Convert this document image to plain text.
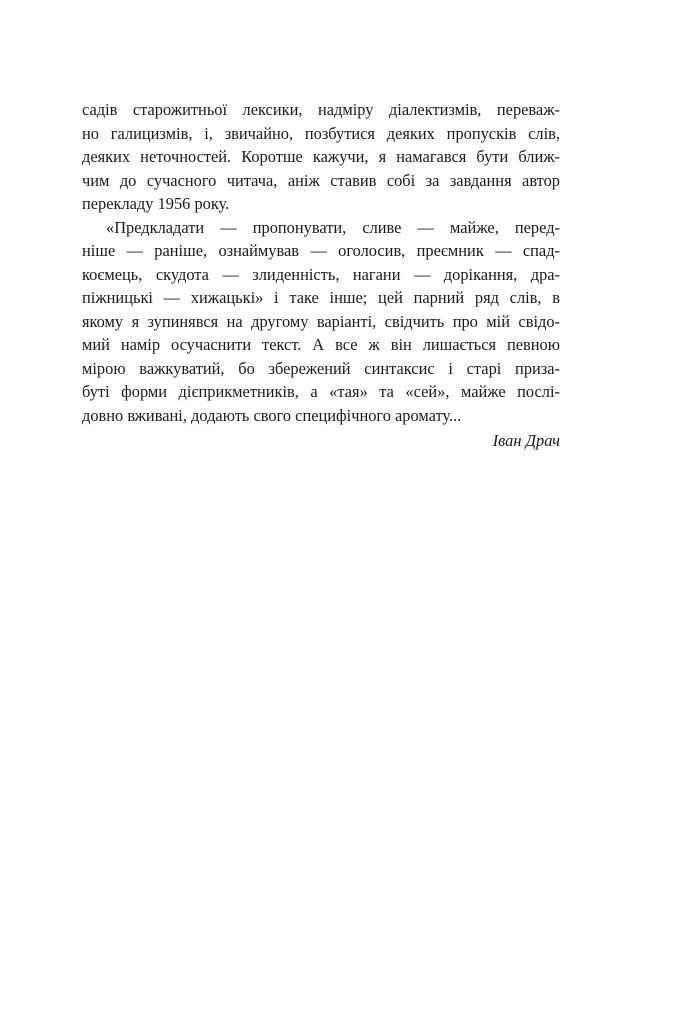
садів старожитньої лексики, надміру діалектизмів, переваж-
но галицизмів, і, звичайно, позбутися деяких пропусків слів,
деяких неточностей. Коротше кажучи, я намагався бути ближ-
чим до сучасного читача, аніж ставив собі за завдання автор
перекладу 1956 року.

«Предкладати — пропонувати, сливе — майже, перед-
ніше — раніше, ознаймував — оголосив, преємник — спад-
коємець, скудота — злиденність, нагани — дорікання, дра-
піжницькі — хижацькі» і таке інше; цей парний ряд слів, в
якому я зупинявся на другому варіанті, свідчить про мій свідо-
мий намір осучаснити текст. А все ж він лишається певною
мірою важкуватий, бо збережений синтаксис і старі приза-
буті форми дієприкметників, а «тая» та «сей», майже послі-
довно вживані, додають свого специфічного аромату...

Іван Драч
